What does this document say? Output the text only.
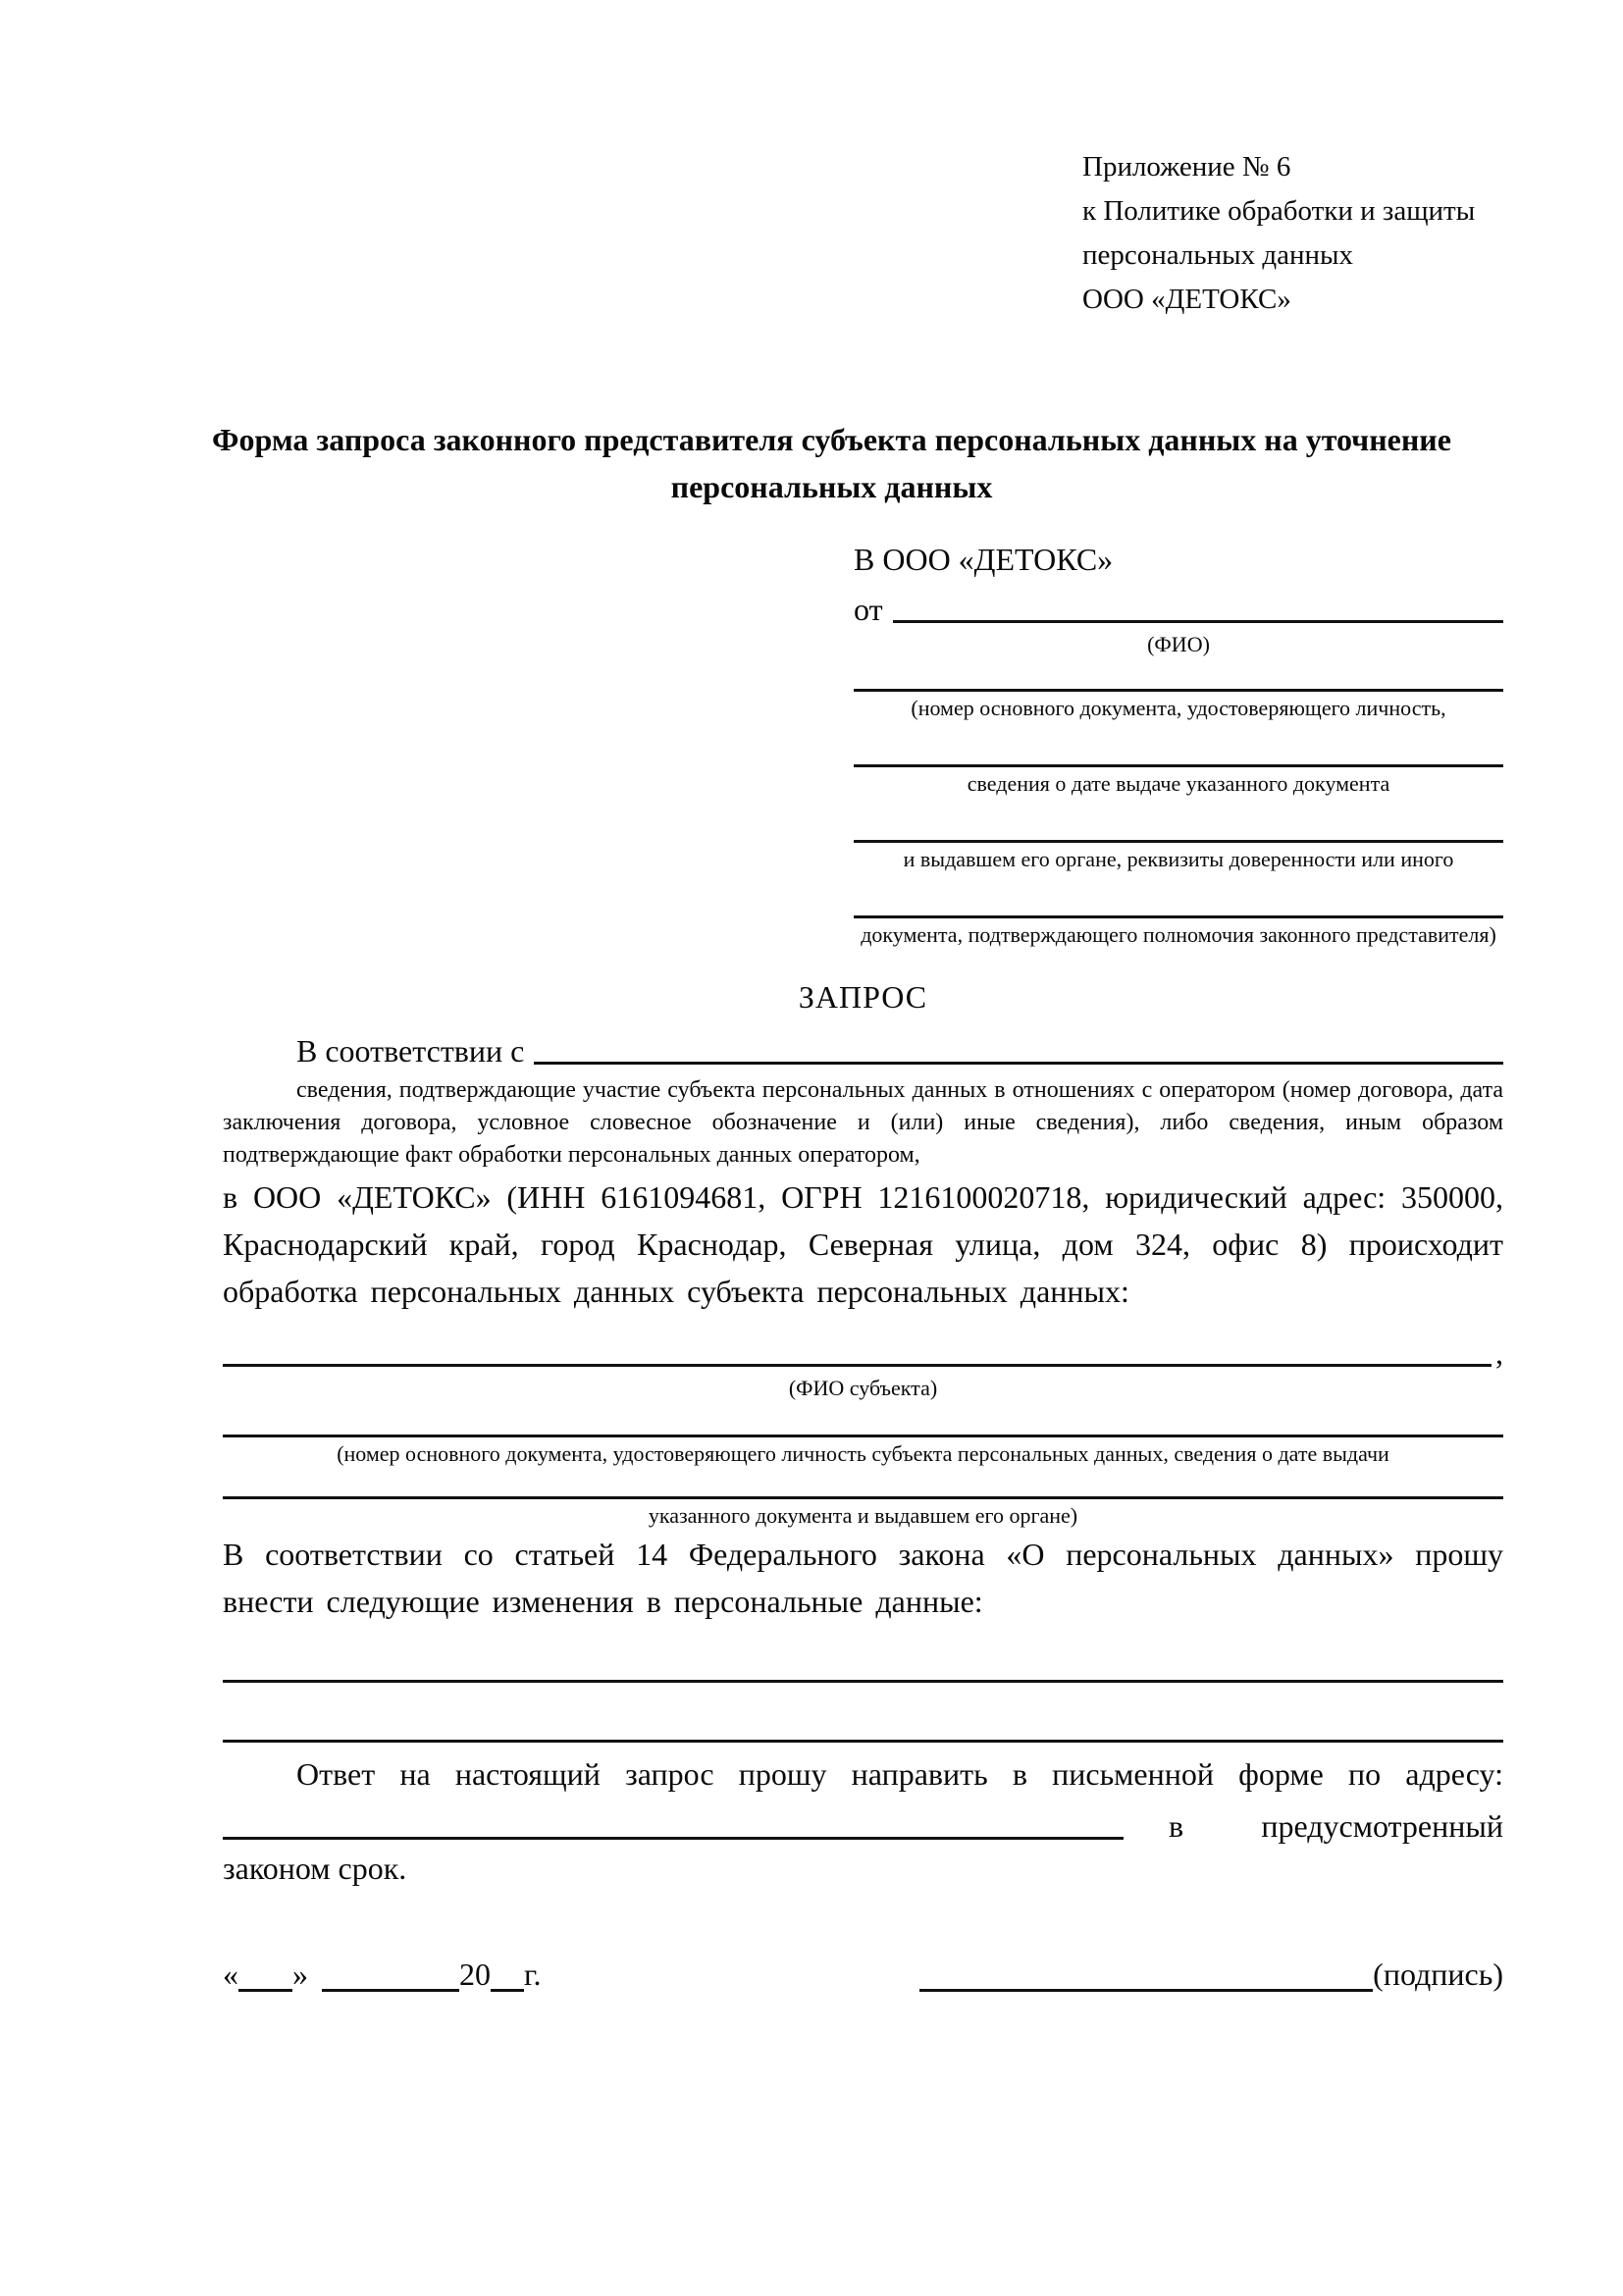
Приложение № 6
к Политике обработки и защиты
персональных данных
ООО «ДЕТОКС»
Форма запроса законного представителя субъекта персональных данных на уточнение персональных данных
В ООО «ДЕТОКС»
от
(ФИО)
(номер основного документа, удостоверяющего личность,
сведения о дате выдаче указанного документа
и выдавшем его органе, реквизиты доверенности или иного
документа, подтверждающего полномочия законного представителя)
ЗАПРОС
В соответствии с
сведения, подтверждающие участие субъекта персональных данных в отношениях с оператором (номер договора, дата заключения договора, условное словесное обозначение и (или) иные сведения), либо сведения, иным образом подтверждающие факт обработки персональных данных оператором,

в ООО «ДЕТОКС» (ИНН 6161094681, ОГРН 1216100020718, юридический адрес: 350000, Краснодарский край, город Краснодар, Северная улица, дом 324, офис 8) происходит обработка персональных данных субъекта персональных данных:

,
(ФИО субъекта)
(номер основного документа, удостоверяющего личность субъекта персональных данных, сведения о дате выдачи
указанного документа и выдавшем его органе)

В соответствии со статьей 14 Федерального закона «О персональных данных» прошу внести следующие изменения в персональные данные:

Ответ на настоящий запрос прошу направить в письменной форме по адресу:
в предусмотренный
законом срок.
« »	20 г.	(подпись)
